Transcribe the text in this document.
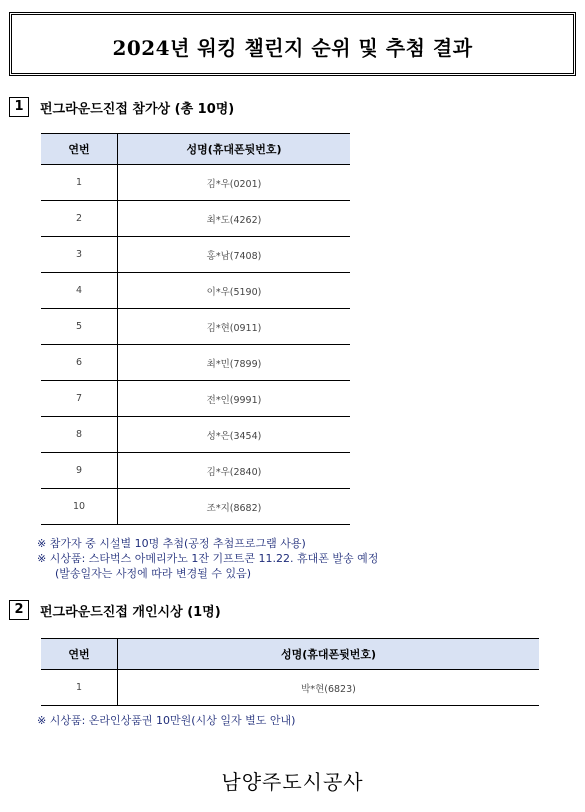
2024년 워킹 챌린지 순위 및 추첨 결과
1	펀그라운드진접 참가상 (총 10명)
연번	성명(휴대폰뒷번호)
1	김*우(0201)
2	최*도(4262)
3	홍*남(7408)
4	이*우(5190)
5	김*현(0911)
6	최*민(7899)
7	전*인(9991)
8	성*은(3454)
9	김*우(2840)
10	조*지(8682)
※ 참가자 중 시설별 10명 추첨(공정 추첨프로그램 사용)
※ 시상품: 스타벅스 아메리카노 1잔 기프트콘 11.22. 휴대폰 발송 예정
(발송일자는 사정에 따라 변경될 수 있음)
2	펀그라운드진접 개인시상 (1명)
연번	성명(휴대폰뒷번호)
1	박*현(6823)
※ 시상품: 온라인상품권 10만원(시상 일자 별도 안내)
남양주도시공사
